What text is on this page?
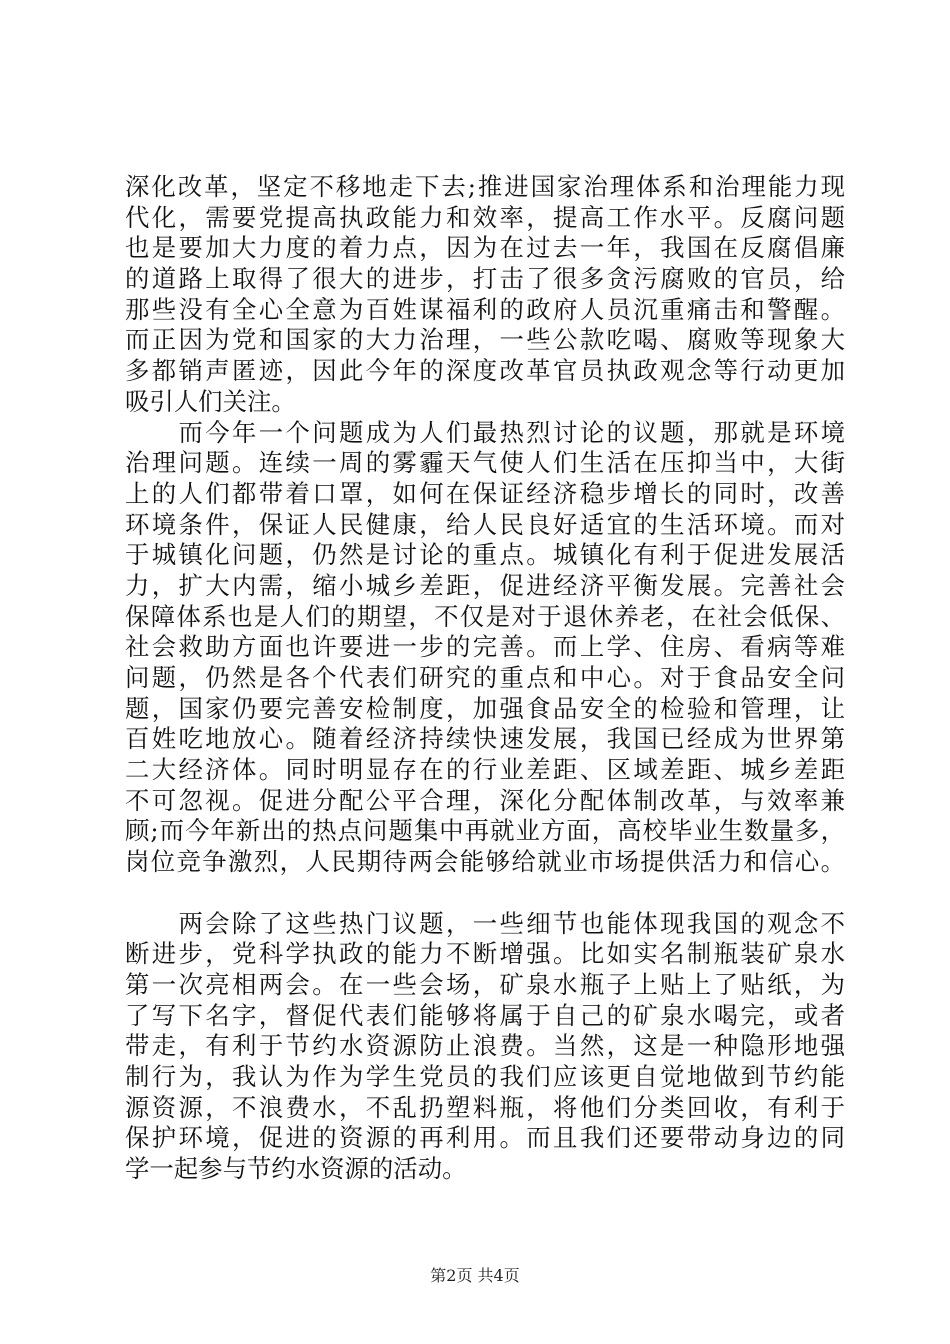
深化改革，坚定不移地走下去;推进国家治理体系和治理能力现
代化，需要党提高执政能力和效率，提高工作水平。反腐问题
也是要加大力度的着力点，因为在过去一年，我国在反腐倡廉
的道路上取得了很大的进步，打击了很多贪污腐败的官员，给
那些没有全心全意为百姓谋福利的政府人员沉重痛击和警醒。
而正因为党和国家的大力治理，一些公款吃喝、腐败等现象大
多都销声匿迹，因此今年的深度改革官员执政观念等行动更加
吸引人们关注。
　　而今年一个问题成为人们最热烈讨论的议题，那就是环境
治理问题。连续一周的雾霾天气使人们生活在压抑当中，大街
上的人们都带着口罩，如何在保证经济稳步增长的同时，改善
环境条件，保证人民健康，给人民良好适宜的生活环境。而对
于城镇化问题，仍然是讨论的重点。城镇化有利于促进发展活
力，扩大内需，缩小城乡差距，促进经济平衡发展。完善社会
保障体系也是人们的期望，不仅是对于退休养老，在社会低保、
社会救助方面也许要进一步的完善。而上学、住房、看病等难
问题，仍然是各个代表们研究的重点和中心。对于食品安全问
题，国家仍要完善安检制度，加强食品安全的检验和管理，让
百姓吃地放心。随着经济持续快速发展，我国已经成为世界第
二大经济体。同时明显存在的行业差距、区域差距、城乡差距
不可忽视。促进分配公平合理，深化分配体制改革，与效率兼
顾;而今年新出的热点问题集中再就业方面，高校毕业生数量多，
岗位竞争激烈，人民期待两会能够给就业市场提供活力和信心。
　　两会除了这些热门议题，一些细节也能体现我国的观念不
断进步，党科学执政的能力不断增强。比如实名制瓶装矿泉水
第一次亮相两会。在一些会场，矿泉水瓶子上贴上了贴纸，为
了写下名字，督促代表们能够将属于自己的矿泉水喝完，或者
带走，有利于节约水资源防止浪费。当然，这是一种隐形地强
制行为，我认为作为学生党员的我们应该更自觉地做到节约能
源资源，不浪费水，不乱扔塑料瓶，将他们分类回收，有利于
保护环境，促进的资源的再利用。而且我们还要带动身边的同
学一起参与节约水资源的活动。
第2页 共4页
